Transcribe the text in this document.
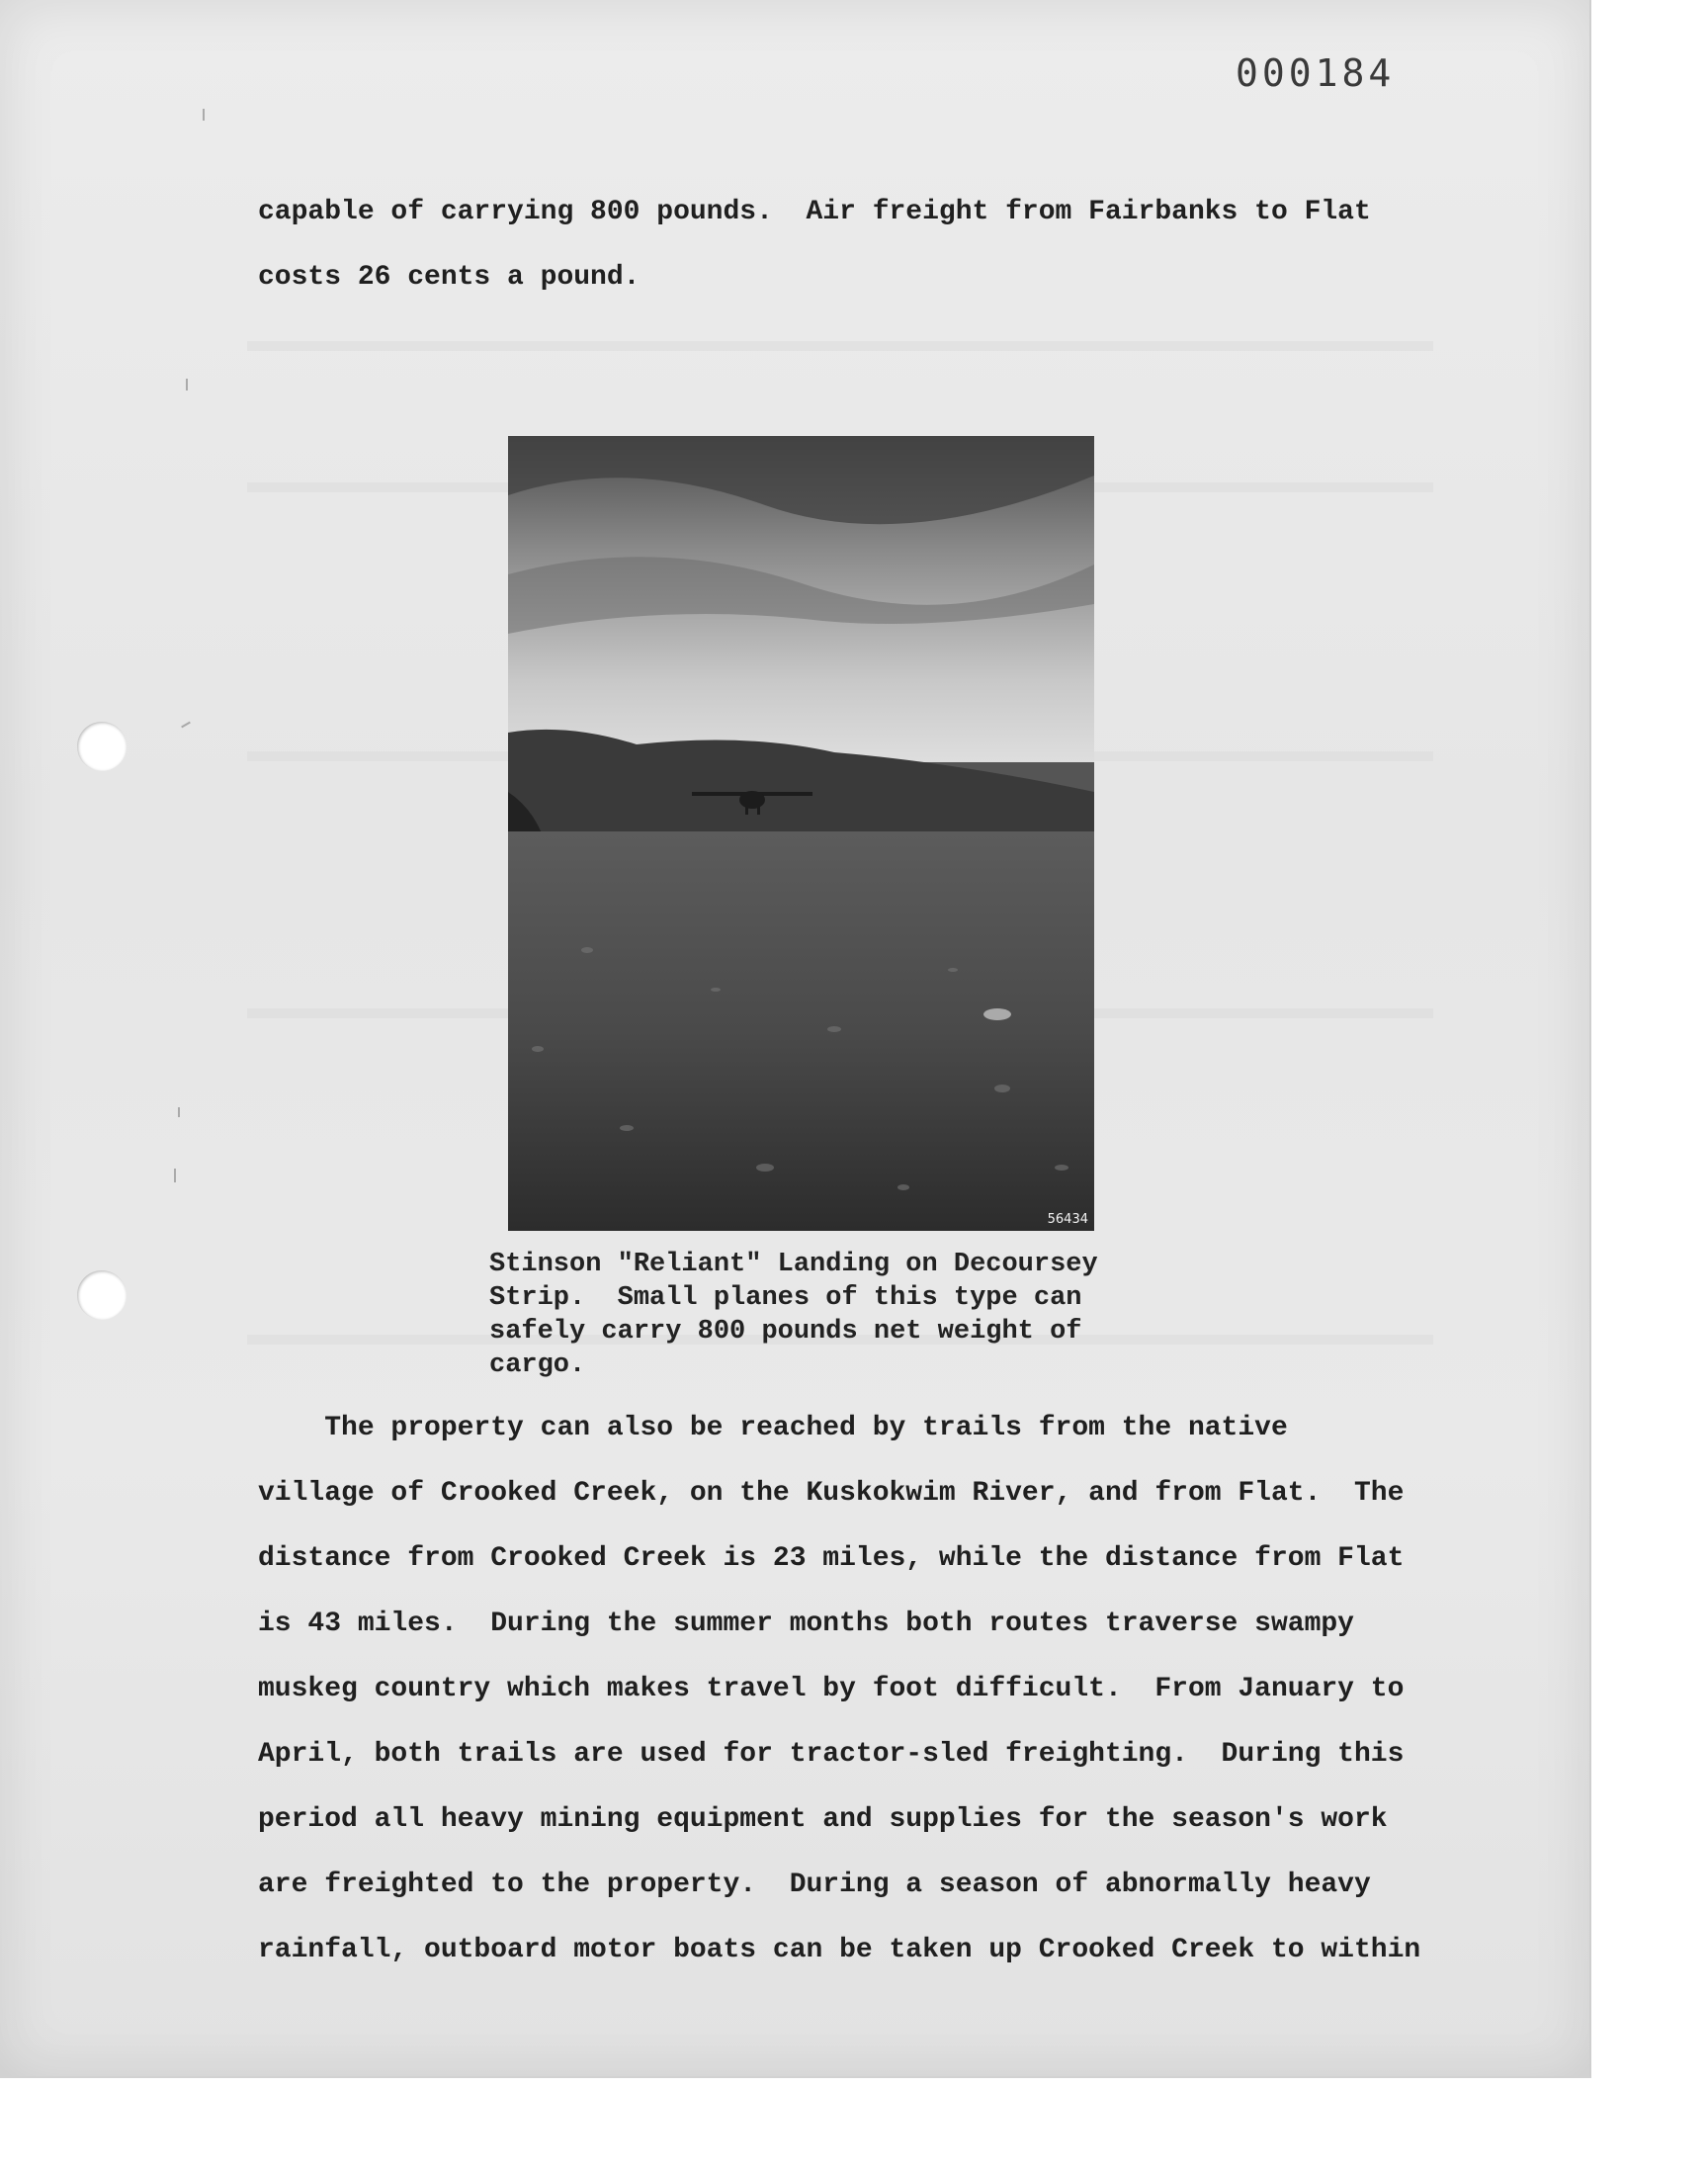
000184

capable of carrying 800 pounds.  Air freight from Fairbanks to Flat
costs 26 cents a pound.

56434

Stinson "Reliant" Landing on Decoursey
Strip.  Small planes of this type can
safely carry 800 pounds net weight of
cargo.

The property can also be reached by trails from the native
village of Crooked Creek, on the Kuskokwim River, and from Flat.  The
distance from Crooked Creek is 23 miles, while the distance from Flat
is 43 miles.  During the summer months both routes traverse swampy
muskeg country which makes travel by foot difficult.  From January to
April, both trails are used for tractor-sled freighting.  During this
period all heavy mining equipment and supplies for the season's work
are freighted to the property.  During a season of abnormally heavy
rainfall, outboard motor boats can be taken up Crooked Creek to within
